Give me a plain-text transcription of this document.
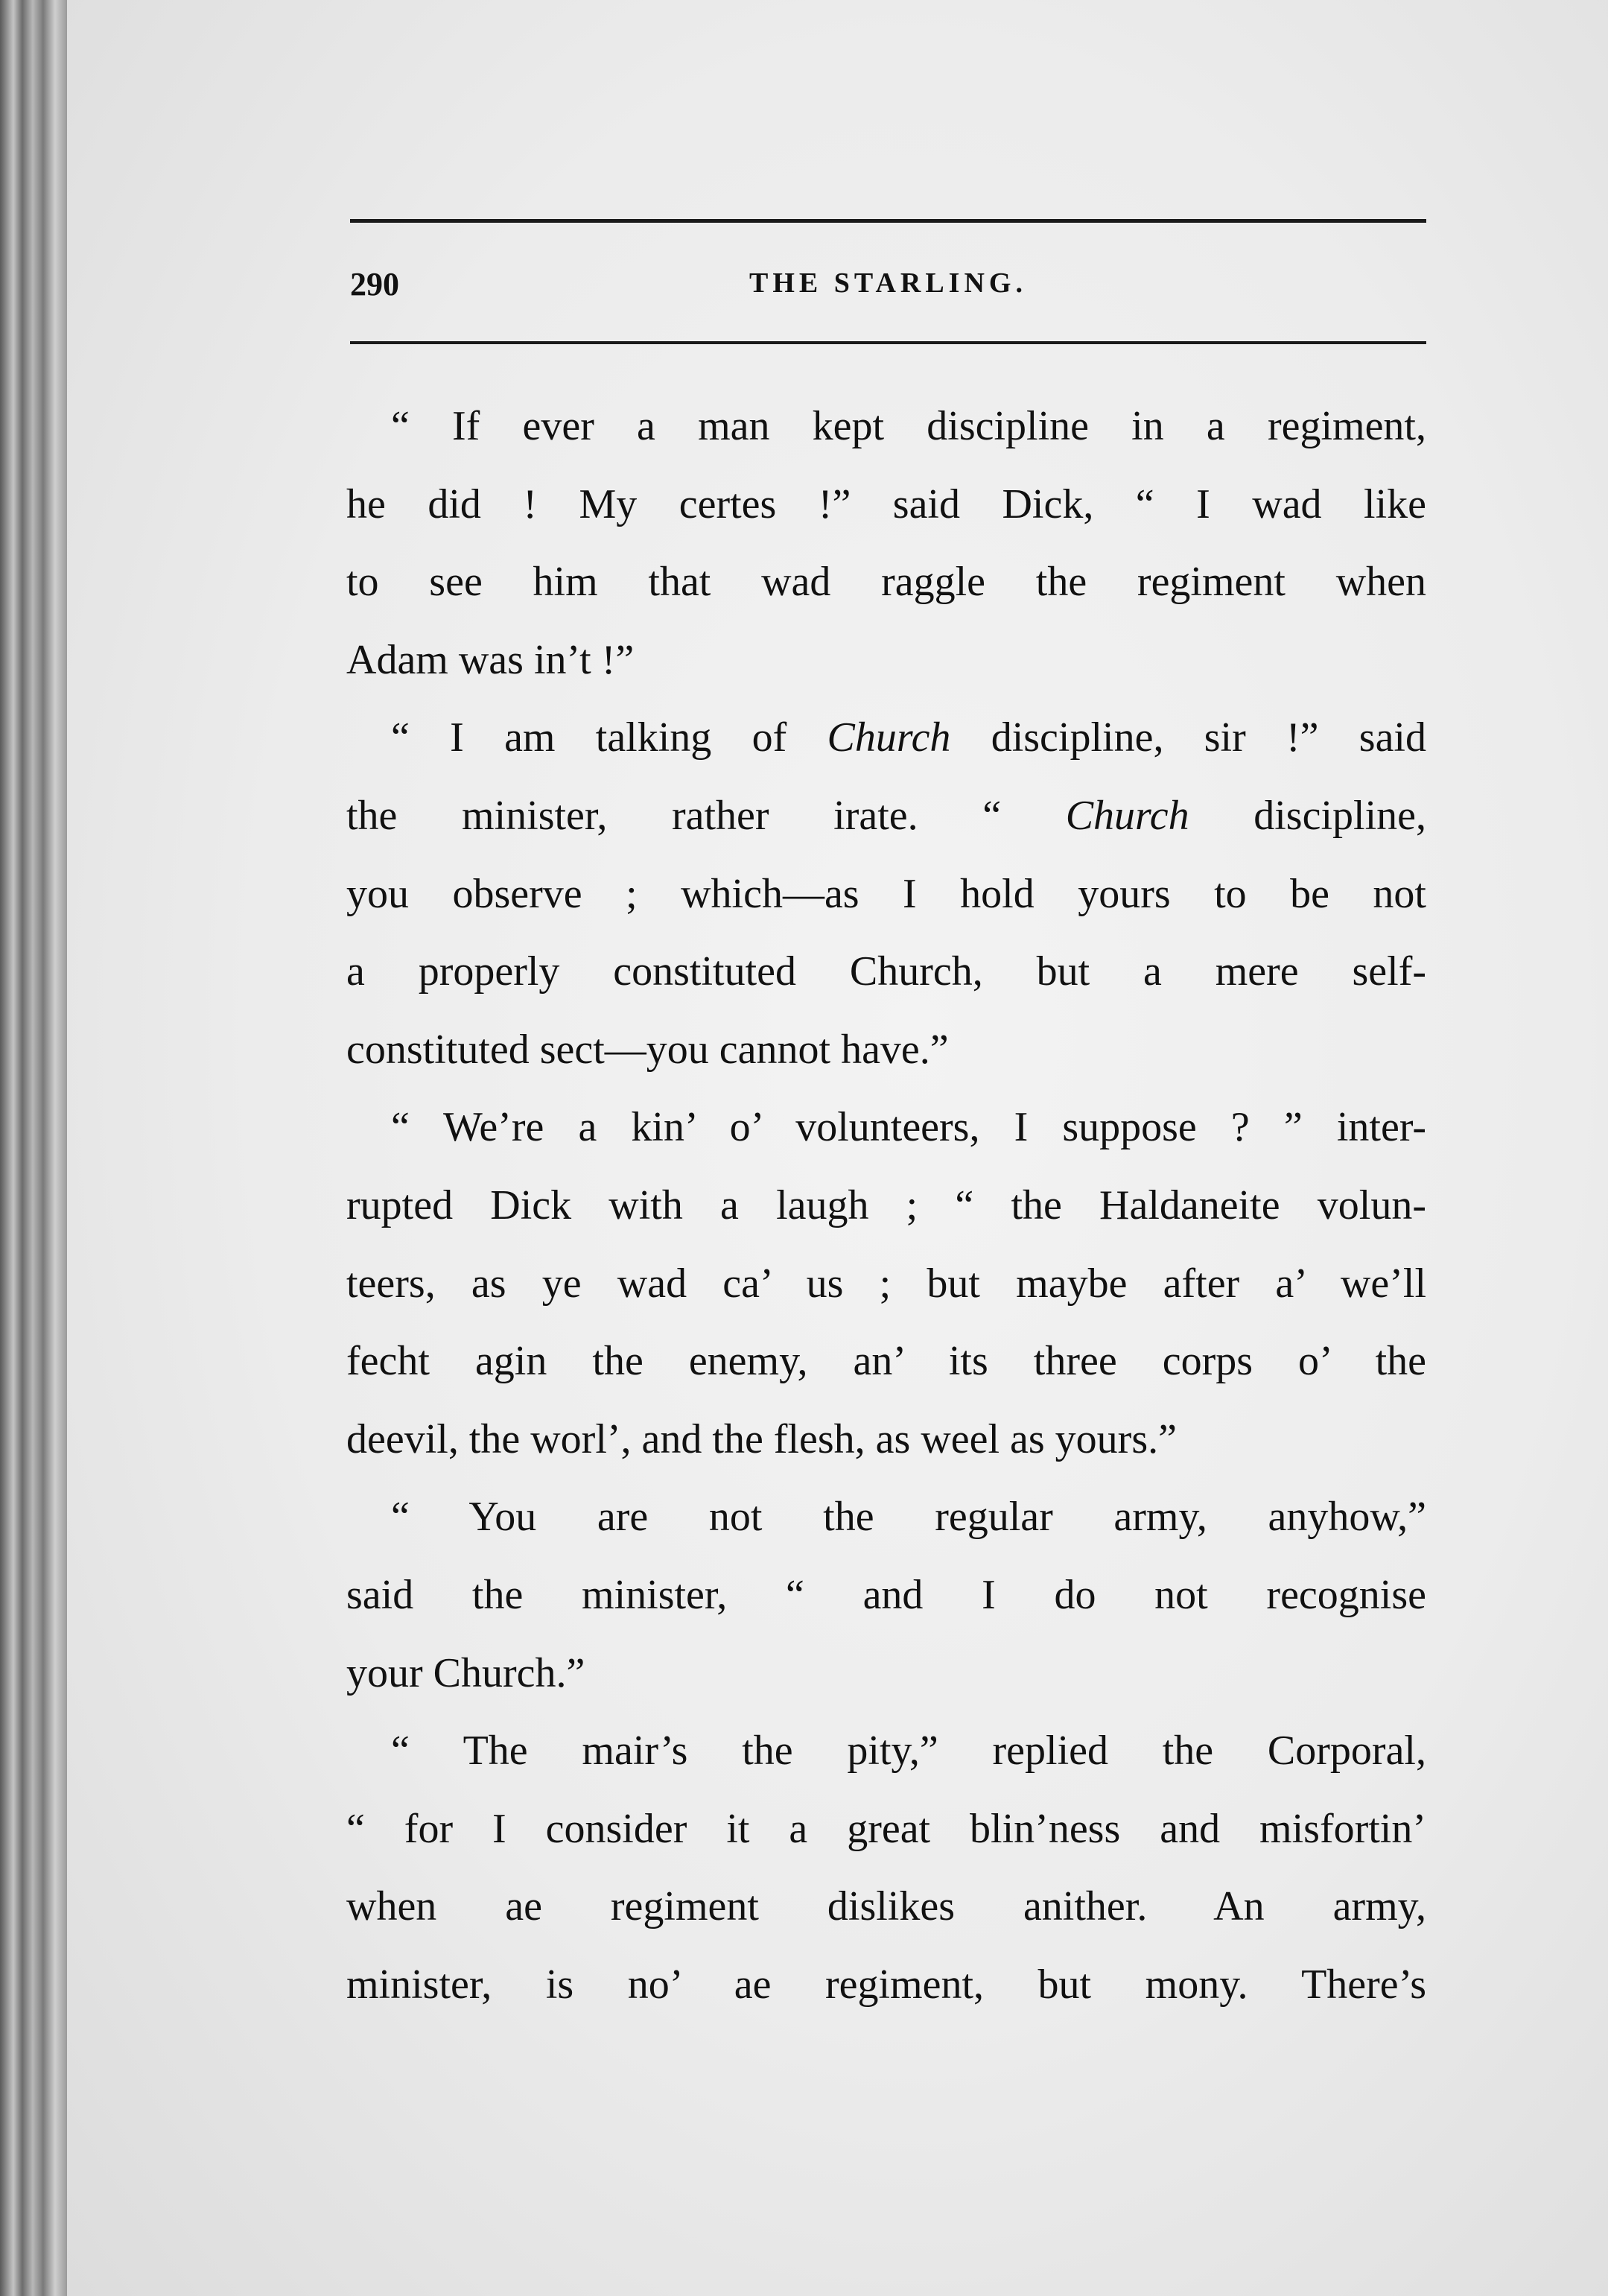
290	THE STARLING.
“ If ever a man kept discipline in a regiment,
he did ! My certes !” said Dick, “ I wad like
to see him that wad raggle the regiment when
Adam was in’t !”
“ I am talking of Church discipline, sir !” said
the minister, rather irate. “ Church discipline,
you observe ; which—as I hold yours to be not
a properly constituted Church, but a mere self-
constituted sect—you cannot have.”
“ We’re a kin’ o’ volunteers, I suppose ? ” inter-
rupted Dick with a laugh ; “ the Haldaneite volun-
teers, as ye wad ca’ us ; but maybe after a’ we’ll
fecht agin the enemy, an’ its three corps o’ the
deevil, the worl’, and the flesh, as weel as yours.”
“ You are not the regular army, anyhow,”
said the minister, “ and I do not recognise
your Church.”
“ The mair’s the pity,” replied the Corporal,
“ for I consider it a great blin’ness and misfortin’
when ae regiment dislikes anither. An army,
minister, is no’ ae regiment, but mony. There’s
